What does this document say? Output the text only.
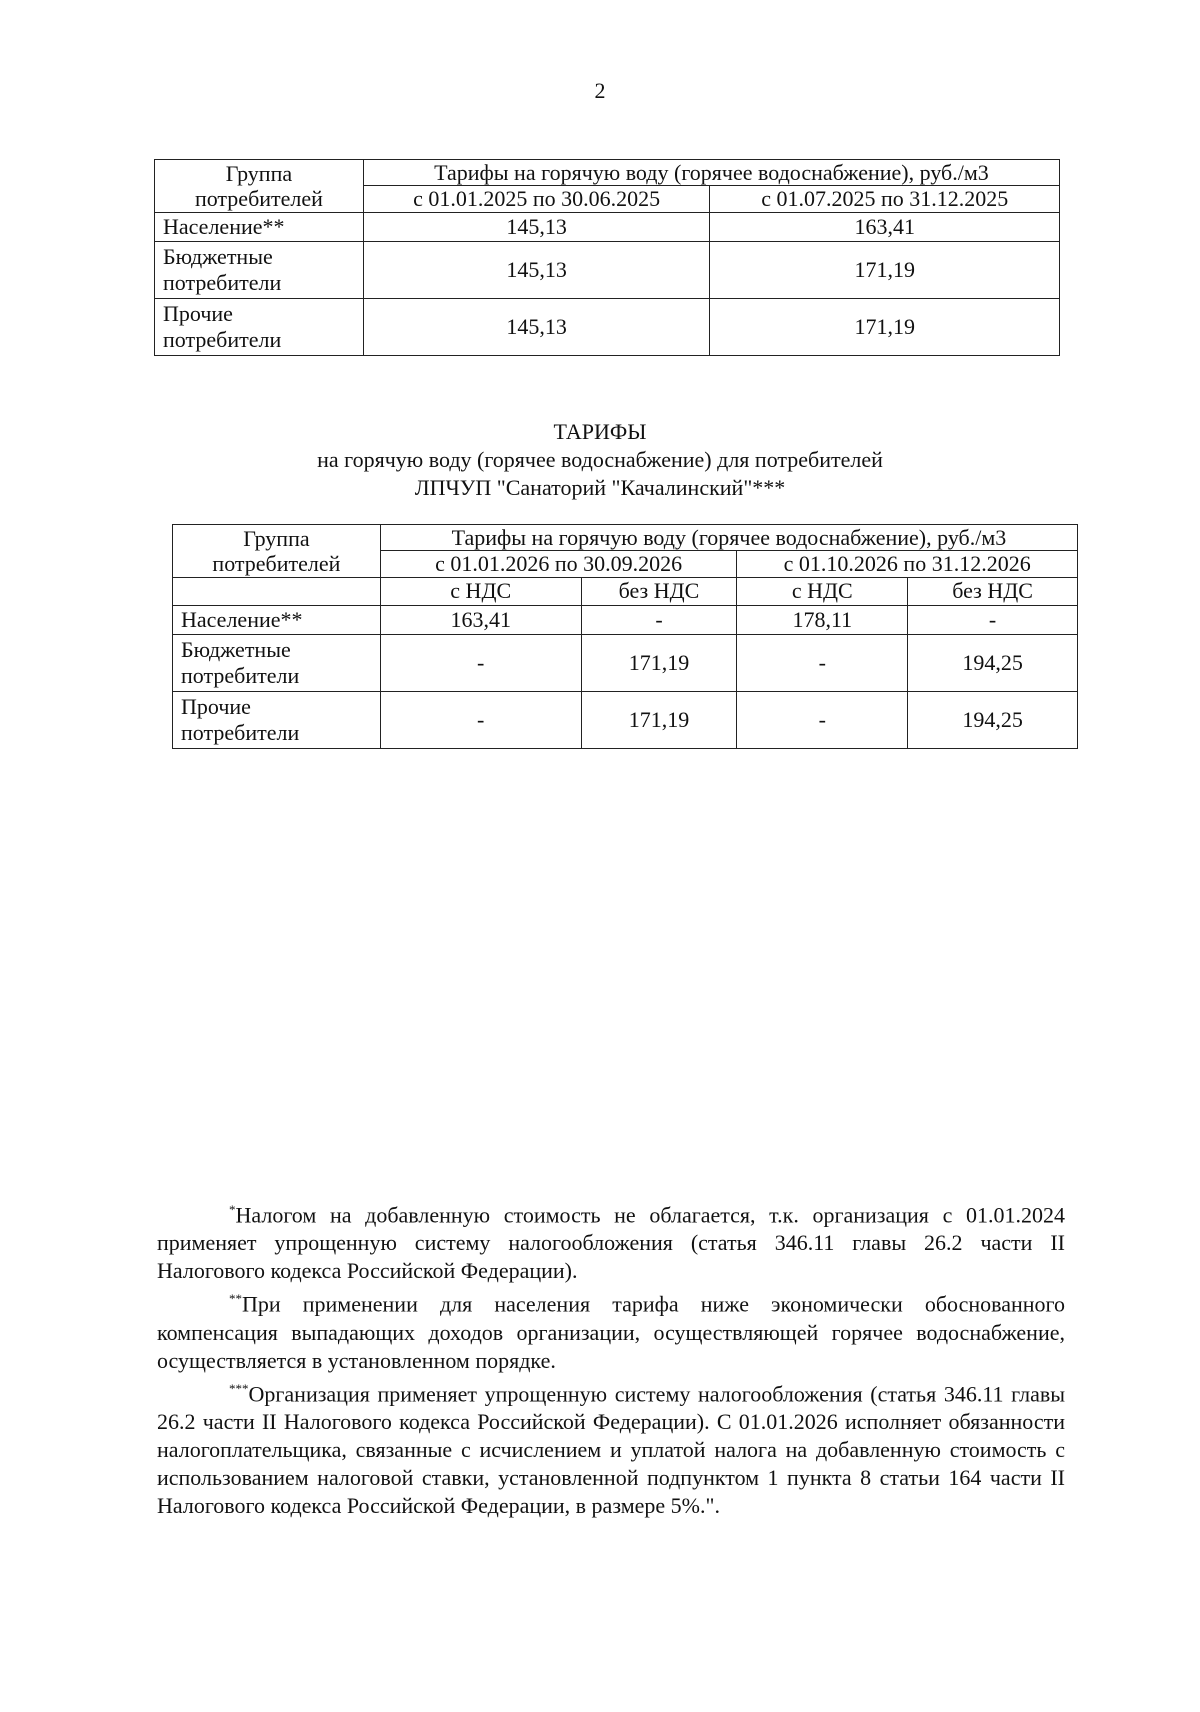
2
Группа потребителей	Тарифы на горячую воду (горячее водоснабжение), руб./м3	
	с 01.01.2025 по 30.06.2025	с 01.07.2025 по 31.12.2025
Население**	145,13	163,41
Бюджетные потребители	145,13	171,19
Прочие потребители	145,13	171,19
ТАРИФЫ
на горячую воду (горячее водоснабжение) для потребителей
ЛПЧУП "Санаторий "Качалинский"***
Группа потребителей	Тарифы на горячую воду (горячее водоснабжение), руб./м3			
	с 01.01.2026 по 30.09.2026		с 01.10.2026 по 31.12.2026	
	с НДС	без НДС	с НДС	без НДС
Население**	163,41	-	178,11	-
Бюджетные потребители	-	171,19	-	194,25
Прочие потребители	-	171,19	-	194,25

*Налогом на добавленную стоимость не облагается, т.к. организация с 01.01.2024 применяет упрощенную систему налогообложения (статья 346.11 главы 26.2 части II Налогового кодекса Российской Федерации).

**При применении для населения тарифа ниже экономически обоснованного компенсация выпадающих доходов организации, осуществляющей горячее водоснабжение, осуществляется в установленном порядке.

***Организация применяет упрощенную систему налогообложения (статья 346.11 главы 26.2 части II Налогового кодекса Российской Федерации). С 01.01.2026 исполняет обязанности налогоплательщика, связанные с исчислением и уплатой налога на добавленную стоимость с использованием налоговой ставки, установленной подпунктом 1 пункта 8 статьи 164 части II Налогового кодекса Российской Федерации, в размере 5%.".
